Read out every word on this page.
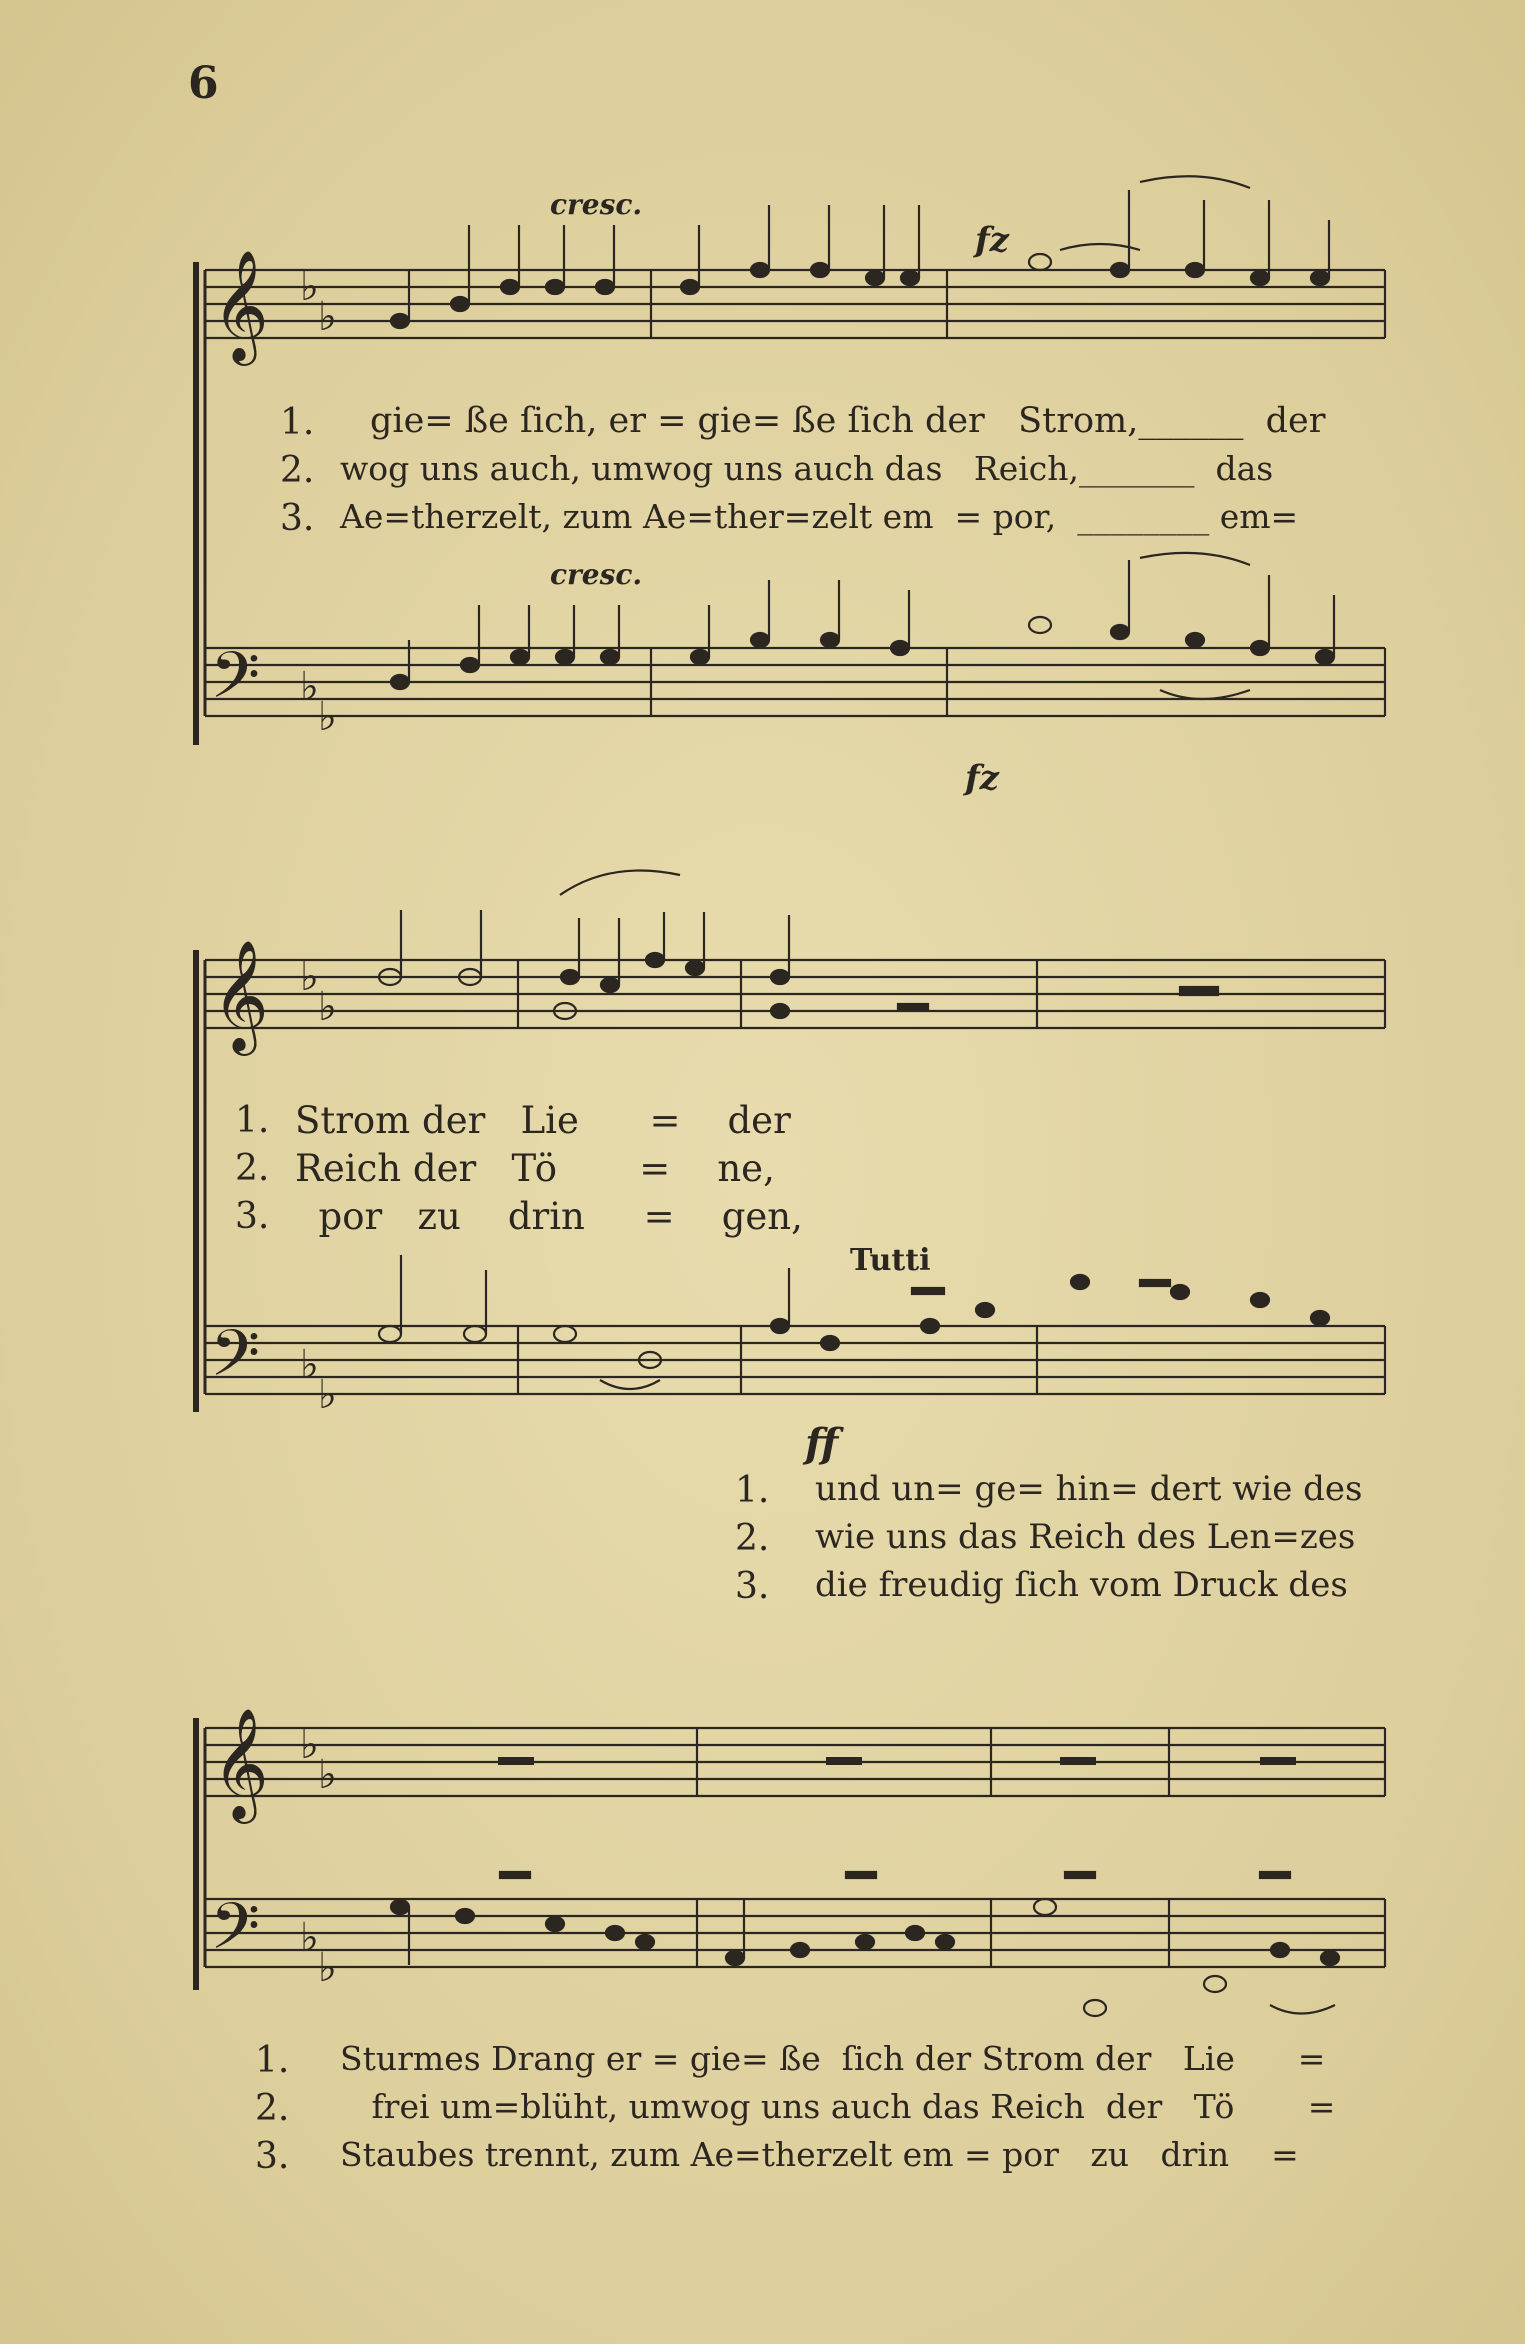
6
𝄞 ♭
♭
𝄢 ♭
♭
𝄞 ♭
♭
𝄢 ♭
♭
𝄞 ♭
♭
𝄢 ♭
♭
cresc.
fz
cresc.
fz
Tutti
ff
1.
2.
3.
gie= ße ſich, er = gie= ße ſich der   Strom,______  der
wog uns auch, umwog uns auch das   Reich,_______  das
Ae=therzelt, zum Ae=ther=zelt em  = por,  ________ em=
1.
2.
3.
Strom der   Lie      =    der
Reich der   Tö       =    ne,
por   zu    drin     =    gen,
1.
2.
3.
und un= ge= hin= dert wie des
wie uns das Reich des Len=zes
die freudig ſich vom Druck des
1.
2.
3.
Sturmes Drang er = gie= ße  ſich der Strom der   Lie      =
frei um=blüht, umwog uns auch das Reich  der   Tö       =
Staubes trennt, zum Ae=therzelt em = por   zu   drin    =
